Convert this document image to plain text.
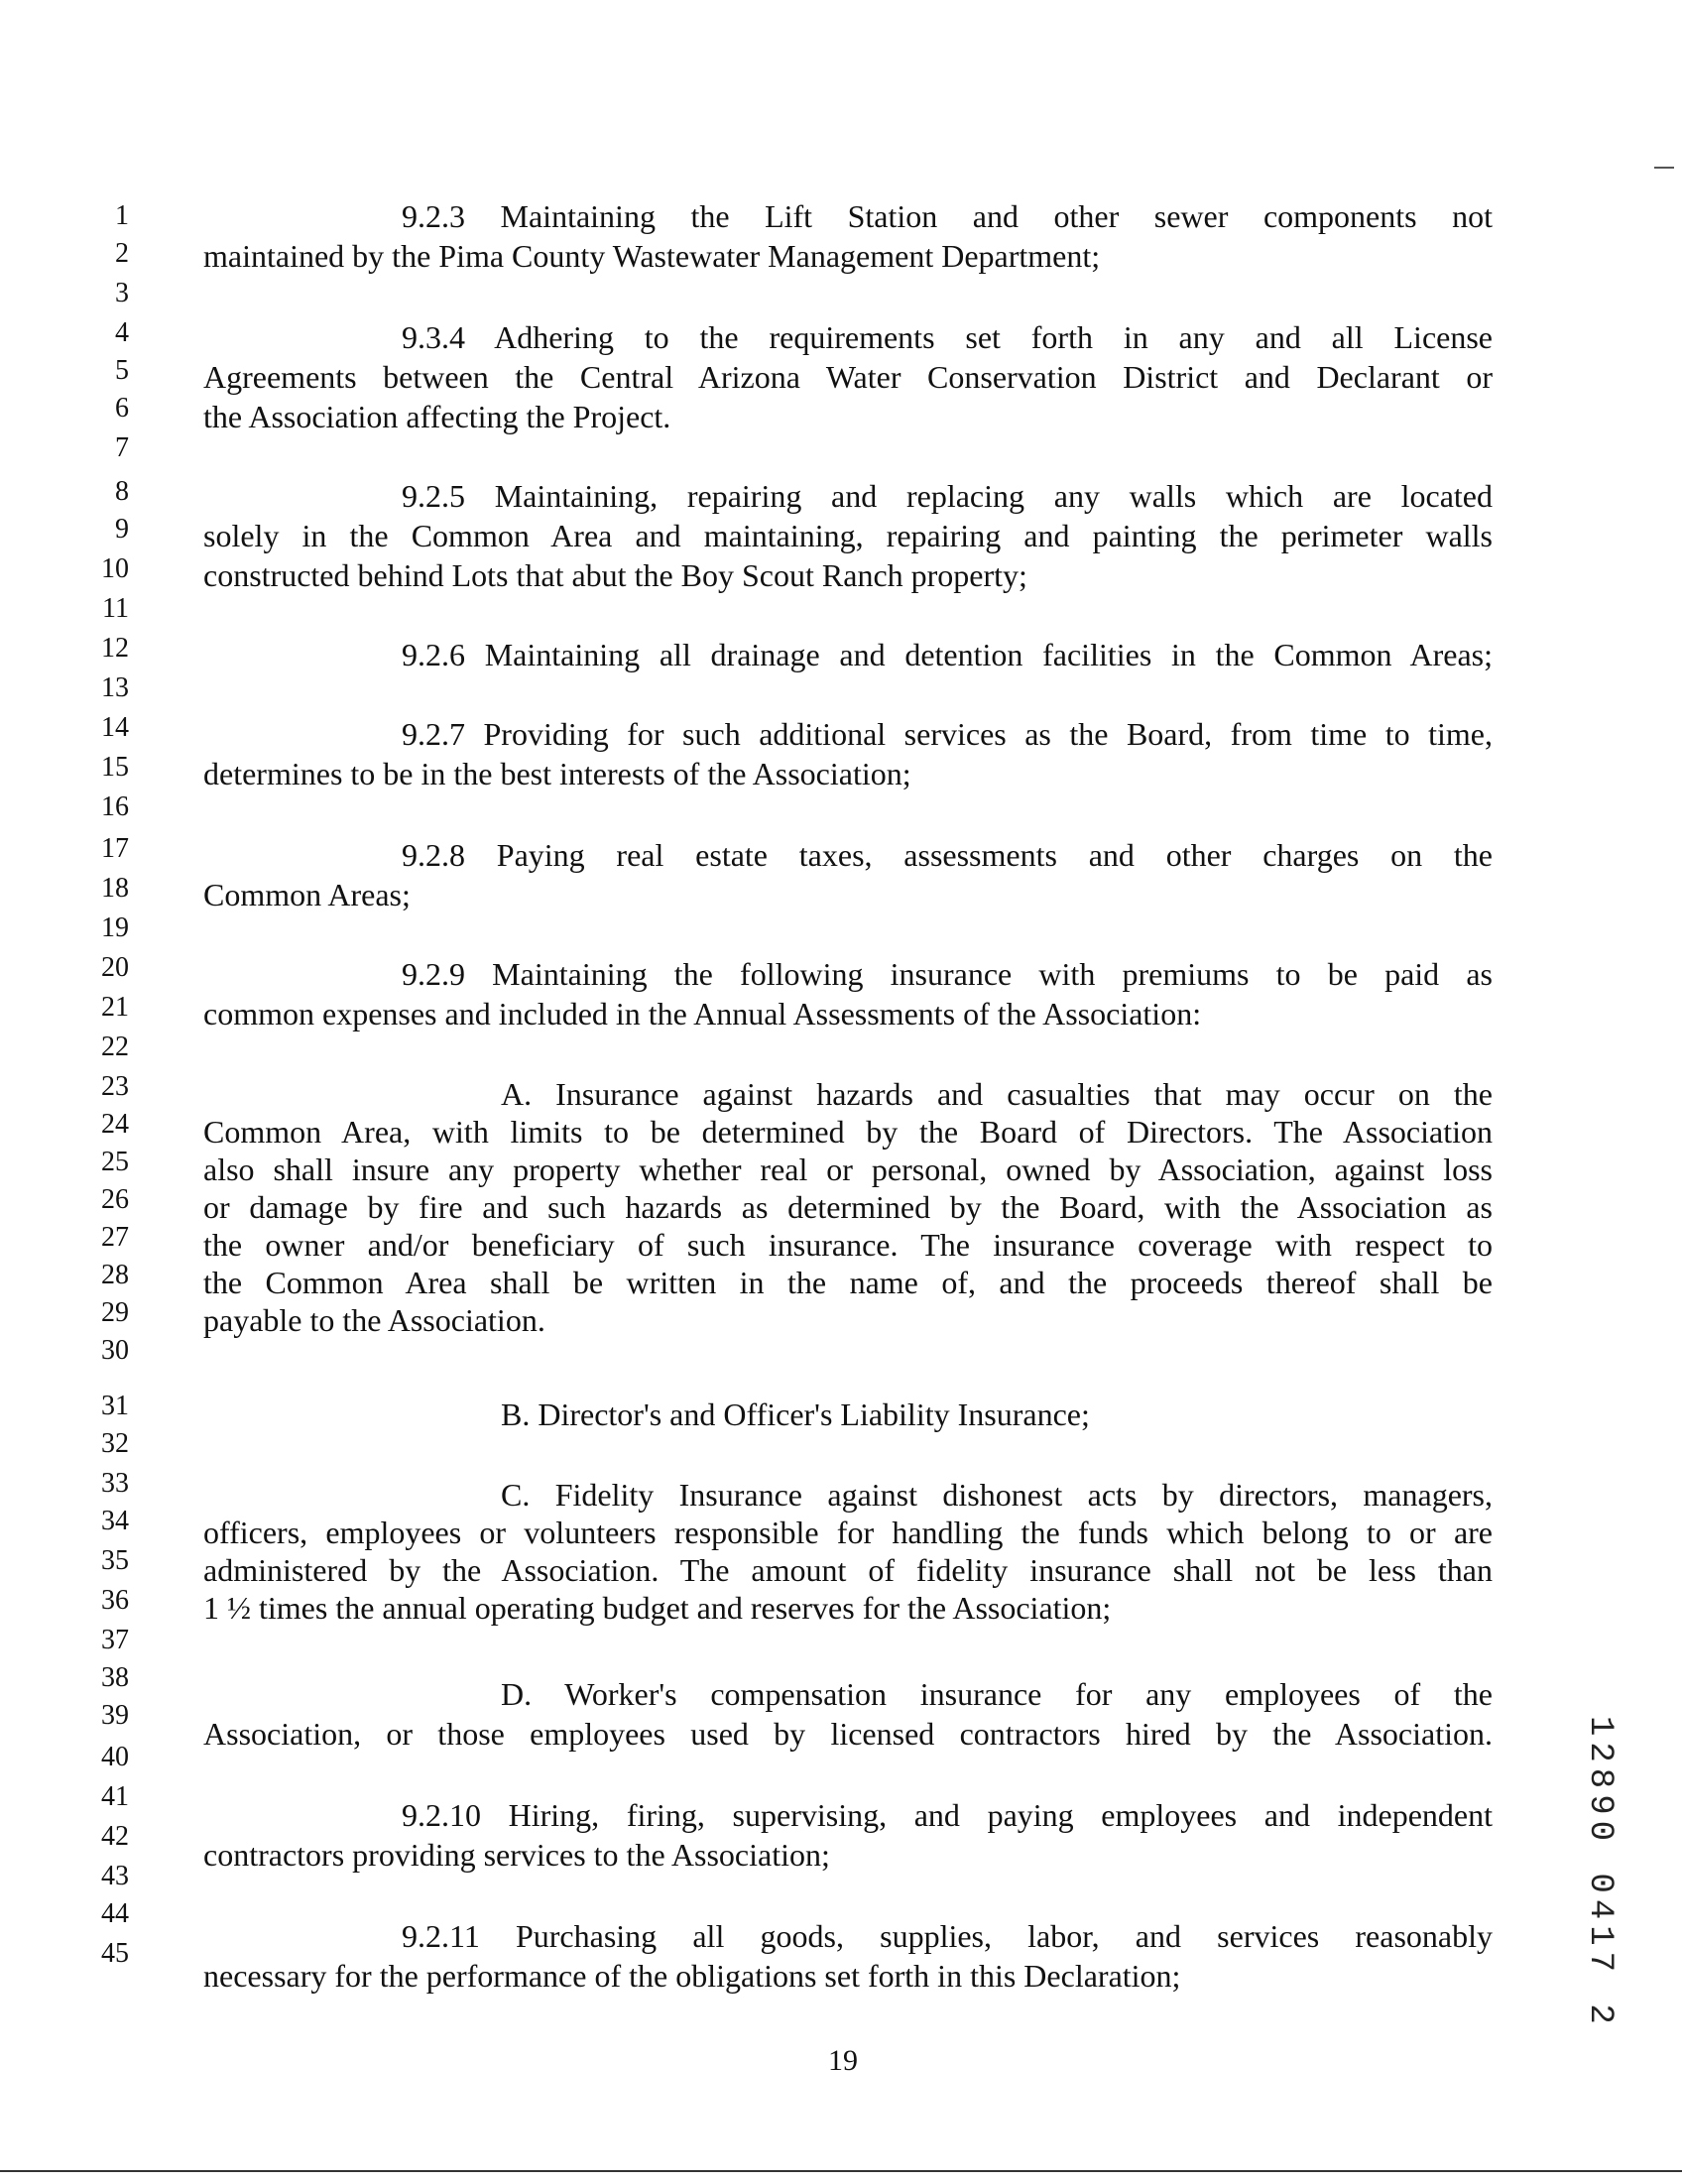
1
2
3
4
5
6
7
8
9
10
11
12
13
14
15
16
17
18
19
20
21
22
23
24
25
26
27
28
29
30
31
32
33
34
35
36
37
38
39
40
41
42
43
44
45
9.2.3 Maintaining the Lift Station and other sewer components not
maintained by the Pima County Wastewater Management Department;
9.3.4 Adhering to the requirements set forth in any and all License
Agreements between the Central Arizona Water Conservation District and Declarant or
the Association affecting the Project.
9.2.5 Maintaining, repairing and replacing any walls which are located
solely in the Common Area and maintaining, repairing and painting the perimeter walls
constructed behind Lots that abut the Boy Scout Ranch property;
9.2.6 Maintaining all drainage and detention facilities in the Common Areas;
9.2.7 Providing for such additional services as the Board, from time to time,
determines to be in the best interests of the Association;
9.2.8 Paying real estate taxes, assessments and other charges on the
Common Areas;
9.2.9 Maintaining the following insurance with premiums to be paid as
common expenses and included in the Annual Assessments of the Association:
A. Insurance against hazards and casualties that may occur on the
Common Area, with limits to be determined by the Board of Directors. The Association
also shall insure any property whether real or personal, owned by Association, against loss
or damage by fire and such hazards as determined by the Board, with the Association as
the owner and/or beneficiary of such insurance. The insurance coverage with respect to
the Common Area shall be written in the name of, and the proceeds thereof shall be
payable to the Association.
B. Director's and Officer's Liability Insurance;
C. Fidelity Insurance against dishonest acts by directors, managers,
officers, employees or volunteers responsible for handling the funds which belong to or are
administered by the Association. The amount of fidelity insurance shall not be less than
1 ½ times the annual operating budget and reserves for the Association;
D. Worker's compensation insurance for any employees of the
Association, or those employees used by licensed contractors hired by the Association.
9.2.10 Hiring, firing, supervising, and paying employees and independent
contractors providing services to the Association;
9.2.11 Purchasing all goods, supplies, labor, and services reasonably
necessary for the performance of the obligations set forth in this Declaration;
19
12890 0417 2
